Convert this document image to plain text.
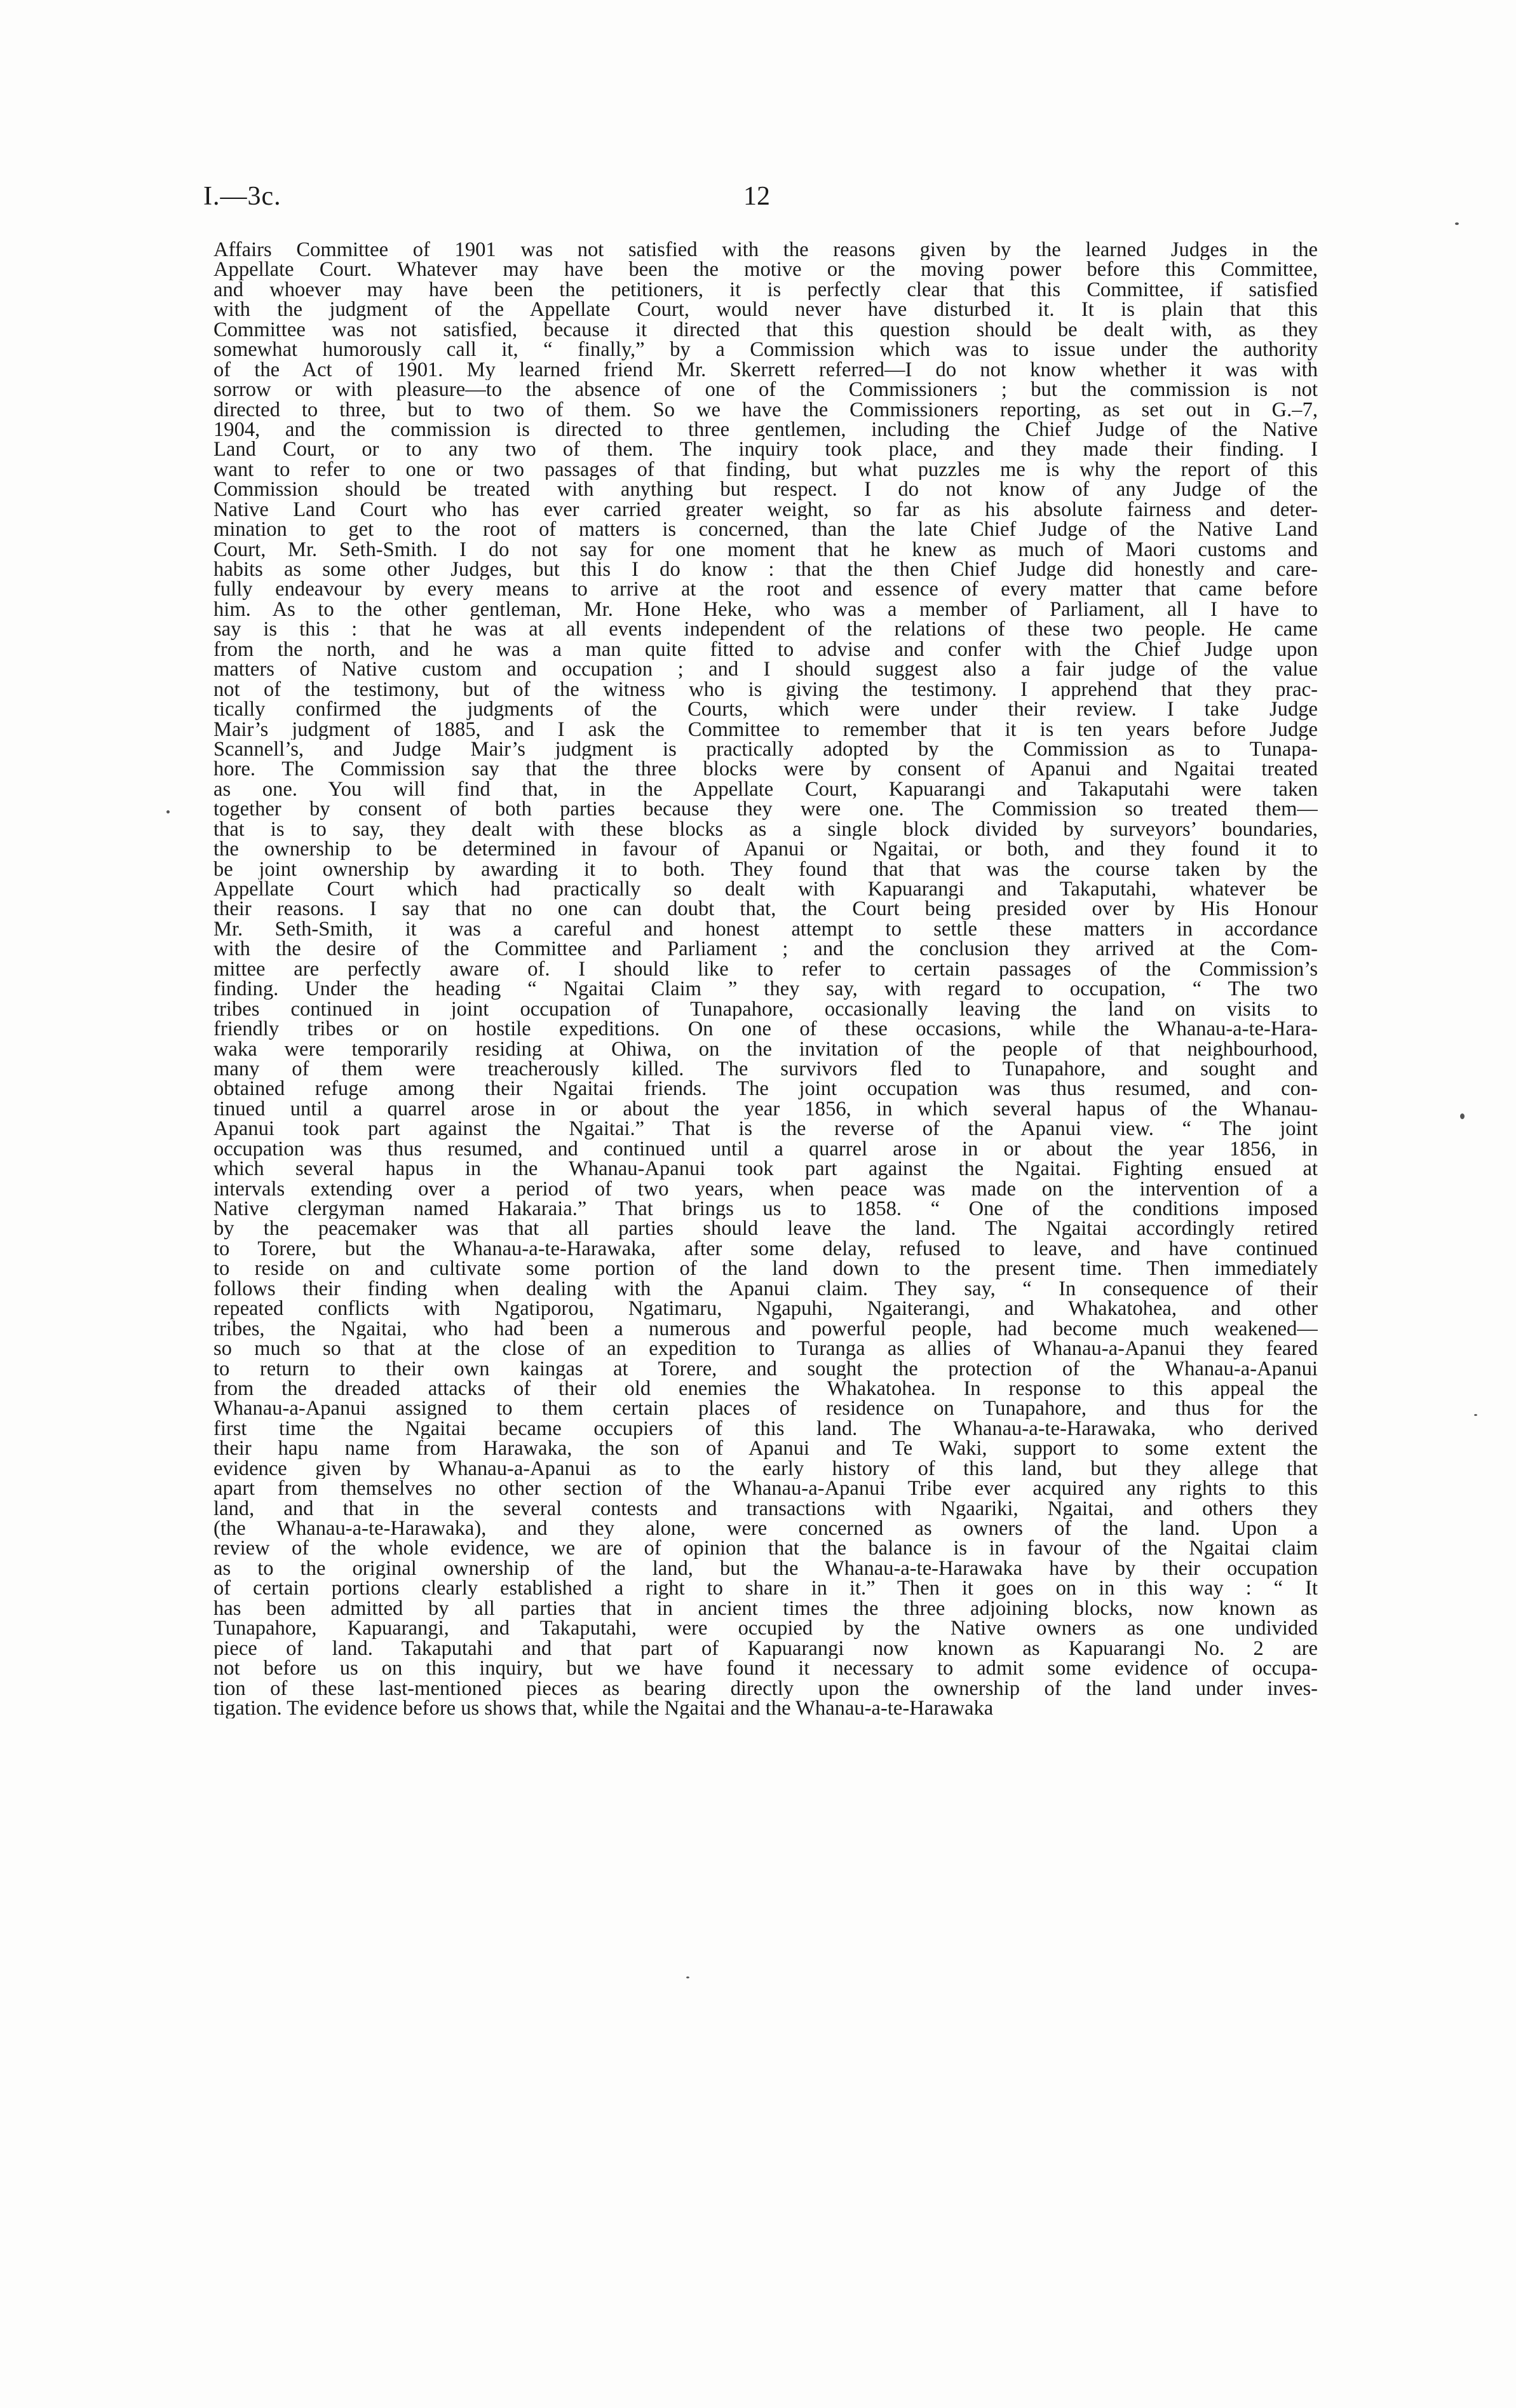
I.—3c.	12
Affairs Committee of 1901 was not satisfied with the reasons given by the learned Judges in the
Appellate Court. Whatever may have been the motive or the moving power before this Committee,
and whoever may have been the petitioners, it is perfectly clear that this Committee, if satisfied
with the judgment of the Appellate Court, would never have disturbed it. It is plain that this
Committee was not satisfied, because it directed that this question should be dealt with, as they
somewhat humorously call it, “ finally,” by a Commission which was to issue under the authority
of the Act of 1901. My learned friend Mr. Skerrett referred—I do not know whether it was with
sorrow or with pleasure—to the absence of one of the Commissioners ; but the commission is not
directed to three, but to two of them. So we have the Commissioners reporting, as set out in G.–7,
1904, and the commission is directed to three gentlemen, including the Chief Judge of the Native
Land Court, or to any two of them. The inquiry took place, and they made their finding. I
want to refer to one or two passages of that finding, but what puzzles me is why the report of this
Commission should be treated with anything but respect. I do not know of any Judge of the
Native Land Court who has ever carried greater weight, so far as his absolute fairness and deter-
mination to get to the root of matters is concerned, than the late Chief Judge of the Native Land
Court, Mr. Seth-Smith. I do not say for one moment that he knew as much of Maori customs and
habits as some other Judges, but this I do know : that the then Chief Judge did honestly and care-
fully endeavour by every means to arrive at the root and essence of every matter that came before
him. As to the other gentleman, Mr. Hone Heke, who was a member of Parliament, all I have to
say is this : that he was at all events independent of the relations of these two people. He came
from the north, and he was a man quite fitted to advise and confer with the Chief Judge upon
matters of Native custom and occupation ; and I should suggest also a fair judge of the value
not of the testimony, but of the witness who is giving the testimony. I apprehend that they prac-
tically confirmed the judgments of the Courts, which were under their review. I take Judge
Mair’s judgment of 1885, and I ask the Committee to remember that it is ten years before Judge
Scannell’s, and Judge Mair’s judgment is practically adopted by the Commission as to Tunapa-
hore. The Commission say that the three blocks were by consent of Apanui and Ngaitai treated
as one. You will find that, in the Appellate Court, Kapuarangi and Takaputahi were taken
together by consent of both parties because they were one. The Commission so treated them—
that is to say, they dealt with these blocks as a single block divided by surveyors’ boundaries,
the ownership to be determined in favour of Apanui or Ngaitai, or both, and they found it to
be joint ownership by awarding it to both. They found that that was the course taken by the
Appellate Court which had practically so dealt with Kapuarangi and Takaputahi, whatever be
their reasons. I say that no one can doubt that, the Court being presided over by His Honour
Mr. Seth-Smith, it was a careful and honest attempt to settle these matters in accordance
with the desire of the Committee and Parliament ; and the conclusion they arrived at the Com-
mittee are perfectly aware of. I should like to refer to certain passages of the Commission’s
finding. Under the heading “ Ngaitai Claim ” they say, with regard to occupation, “ The two
tribes continued in joint occupation of Tunapahore, occasionally leaving the land on visits to
friendly tribes or on hostile expeditions. On one of these occasions, while the Whanau-a-te-Hara-
waka were temporarily residing at Ohiwa, on the invitation of the people of that neighbourhood,
many of them were treacherously killed. The survivors fled to Tunapahore, and sought and
obtained refuge among their Ngaitai friends. The joint occupation was thus resumed, and con-
tinued until a quarrel arose in or about the year 1856, in which several hapus of the Whanau-
Apanui took part against the Ngaitai.” That is the reverse of the Apanui view. “ The joint
occupation was thus resumed, and continued until a quarrel arose in or about the year 1856, in
which several hapus in the Whanau-Apanui took part against the Ngaitai. Fighting ensued at
intervals extending over a period of two years, when peace was made on the intervention of a
Native clergyman named Hakaraia.” That brings us to 1858. “ One of the conditions imposed
by the peacemaker was that all parties should leave the land. The Ngaitai accordingly retired
to Torere, but the Whanau-a-te-Harawaka, after some delay, refused to leave, and have continued
to reside on and cultivate some portion of the land down to the present time. Then immediately
follows their finding when dealing with the Apanui claim. They say, “ In consequence of their
repeated conflicts with Ngatiporou, Ngatimaru, Ngapuhi, Ngaiterangi, and Whakatohea, and other
tribes, the Ngaitai, who had been a numerous and powerful people, had become much weakened—
so much so that at the close of an expedition to Turanga as allies of Whanau-a-Apanui they feared
to return to their own kaingas at Torere, and sought the protection of the Whanau-a-Apanui
from the dreaded attacks of their old enemies the Whakatohea. In response to this appeal the
Whanau-a-Apanui assigned to them certain places of residence on Tunapahore, and thus for the
first time the Ngaitai became occupiers of this land. The Whanau-a-te-Harawaka, who derived
their hapu name from Harawaka, the son of Apanui and Te Waki, support to some extent the
evidence given by Whanau-a-Apanui as to the early history of this land, but they allege that
apart from themselves no other section of the Whanau-a-Apanui Tribe ever acquired any rights to this
land, and that in the several contests and transactions with Ngaariki, Ngaitai, and others they
(the Whanau-a-te-Harawaka), and they alone, were concerned as owners of the land. Upon a
review of the whole evidence, we are of opinion that the balance is in favour of the Ngaitai claim
as to the original ownership of the land, but the Whanau-a-te-Harawaka have by their occupation
of certain portions clearly established a right to share in it.” Then it goes on in this way : “ It
has been admitted by all parties that in ancient times the three adjoining blocks, now known as
Tunapahore, Kapuarangi, and Takaputahi, were occupied by the Native owners as one undivided
piece of land. Takaputahi and that part of Kapuarangi now known as Kapuarangi No. 2 are
not before us on this inquiry, but we have found it necessary to admit some evidence of occupa-
tion of these last-mentioned pieces as bearing directly upon the ownership of the land under inves-
tigation. The evidence before us shows that, while the Ngaitai and the Whanau-a-te-Harawaka
